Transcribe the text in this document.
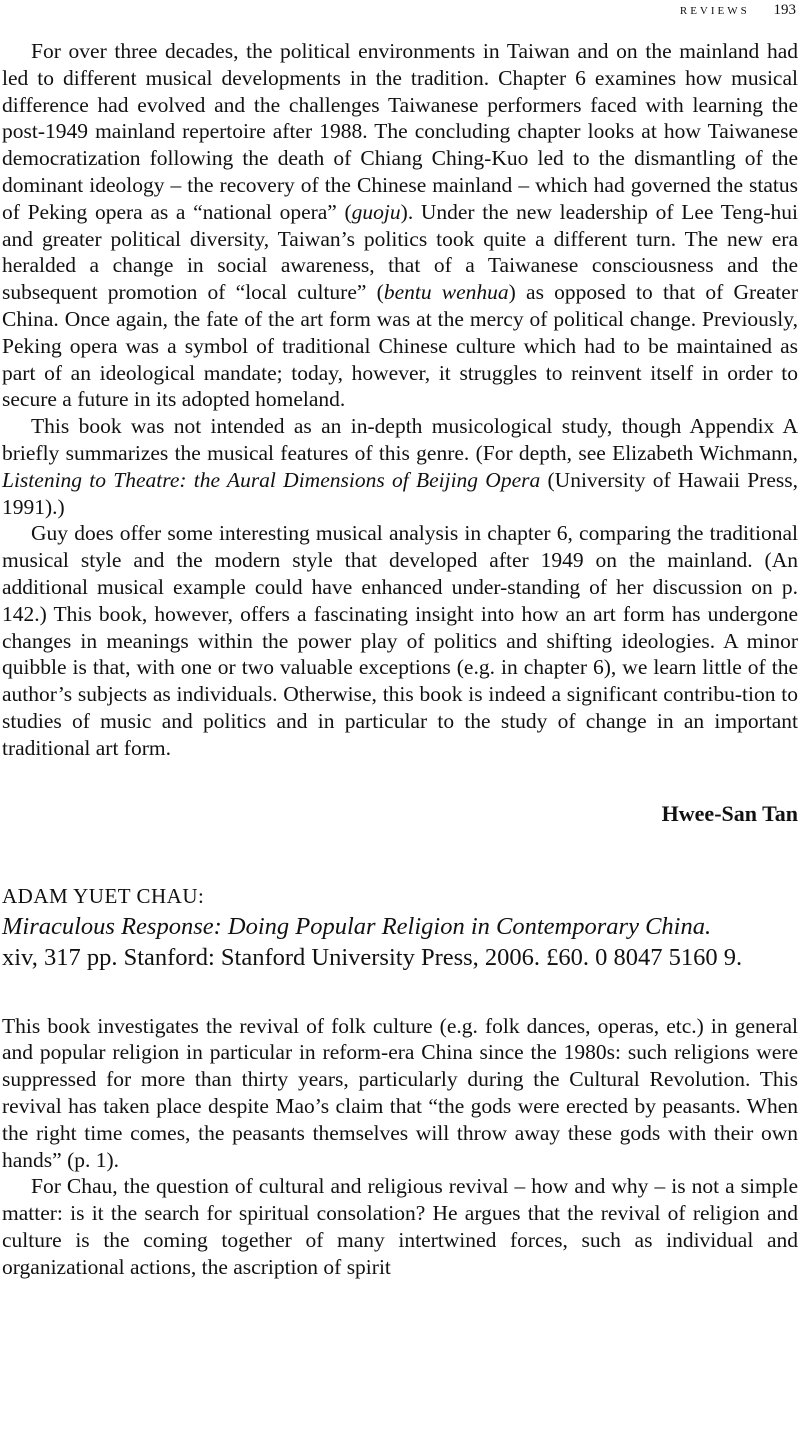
reviews 193

For over three decades, the political environments in Taiwan and on the mainland had led to different musical developments in the tradition. Chapter 6 examines how musical difference had evolved and the challenges Taiwanese performers faced with learning the post-1949 mainland repertoire after 1988. The concluding chapter looks at how Taiwanese democratization following the death of Chiang Ching-Kuo led to the dismantling of the dominant ideology – the recovery of the Chinese mainland – which had governed the status of Peking opera as a “national opera” (guoju). Under the new leadership of Lee Teng-hui and greater political diversity, Taiwan’s politics took quite a different turn. The new era heralded a change in social awareness, that of a Taiwanese consciousness and the subsequent promotion of “local culture” (bentu wenhua) as opposed to that of Greater China. Once again, the fate of the art form was at the mercy of political change. Previously, Peking opera was a symbol of traditional Chinese culture which had to be maintained as part of an ideological mandate; today, however, it struggles to reinvent itself in order to secure a future in its adopted homeland.

This book was not intended as an in-depth musicological study, though Appendix A briefly summarizes the musical features of this genre. (For depth, see Elizabeth Wichmann, Listening to Theatre: the Aural Dimensions of Beijing Opera (University of Hawaii Press, 1991).)

Guy does offer some interesting musical analysis in chapter 6, comparing the traditional musical style and the modern style that developed after 1949 on the mainland. (An additional musical example could have enhanced under-standing of her discussion on p. 142.) This book, however, offers a fascinating insight into how an art form has undergone changes in meanings within the power play of politics and shifting ideologies. A minor quibble is that, with one or two valuable exceptions (e.g. in chapter 6), we learn little of the author’s subjects as individuals. Otherwise, this book is indeed a significant contribu-tion to studies of music and politics and in particular to the study of change in an important traditional art form.

Hwee-San Tan
ADAM YUET CHAU:
Miraculous Response: Doing Popular Religion in Contemporary China.
xiv, 317 pp. Stanford: Stanford University Press, 2006. £60. 0 8047 5160 9.

This book investigates the revival of folk culture (e.g. folk dances, operas, etc.) in general and popular religion in particular in reform-era China since the 1980s: such religions were suppressed for more than thirty years, particularly during the Cultural Revolution. This revival has taken place despite Mao’s claim that “the gods were erected by peasants. When the right time comes, the peasants themselves will throw away these gods with their own hands” (p. 1).

For Chau, the question of cultural and religious revival – how and why – is not a simple matter: is it the search for spiritual consolation? He argues that the revival of religion and culture is the coming together of many intertwined forces, such as individual and organizational actions, the ascription of spirit
